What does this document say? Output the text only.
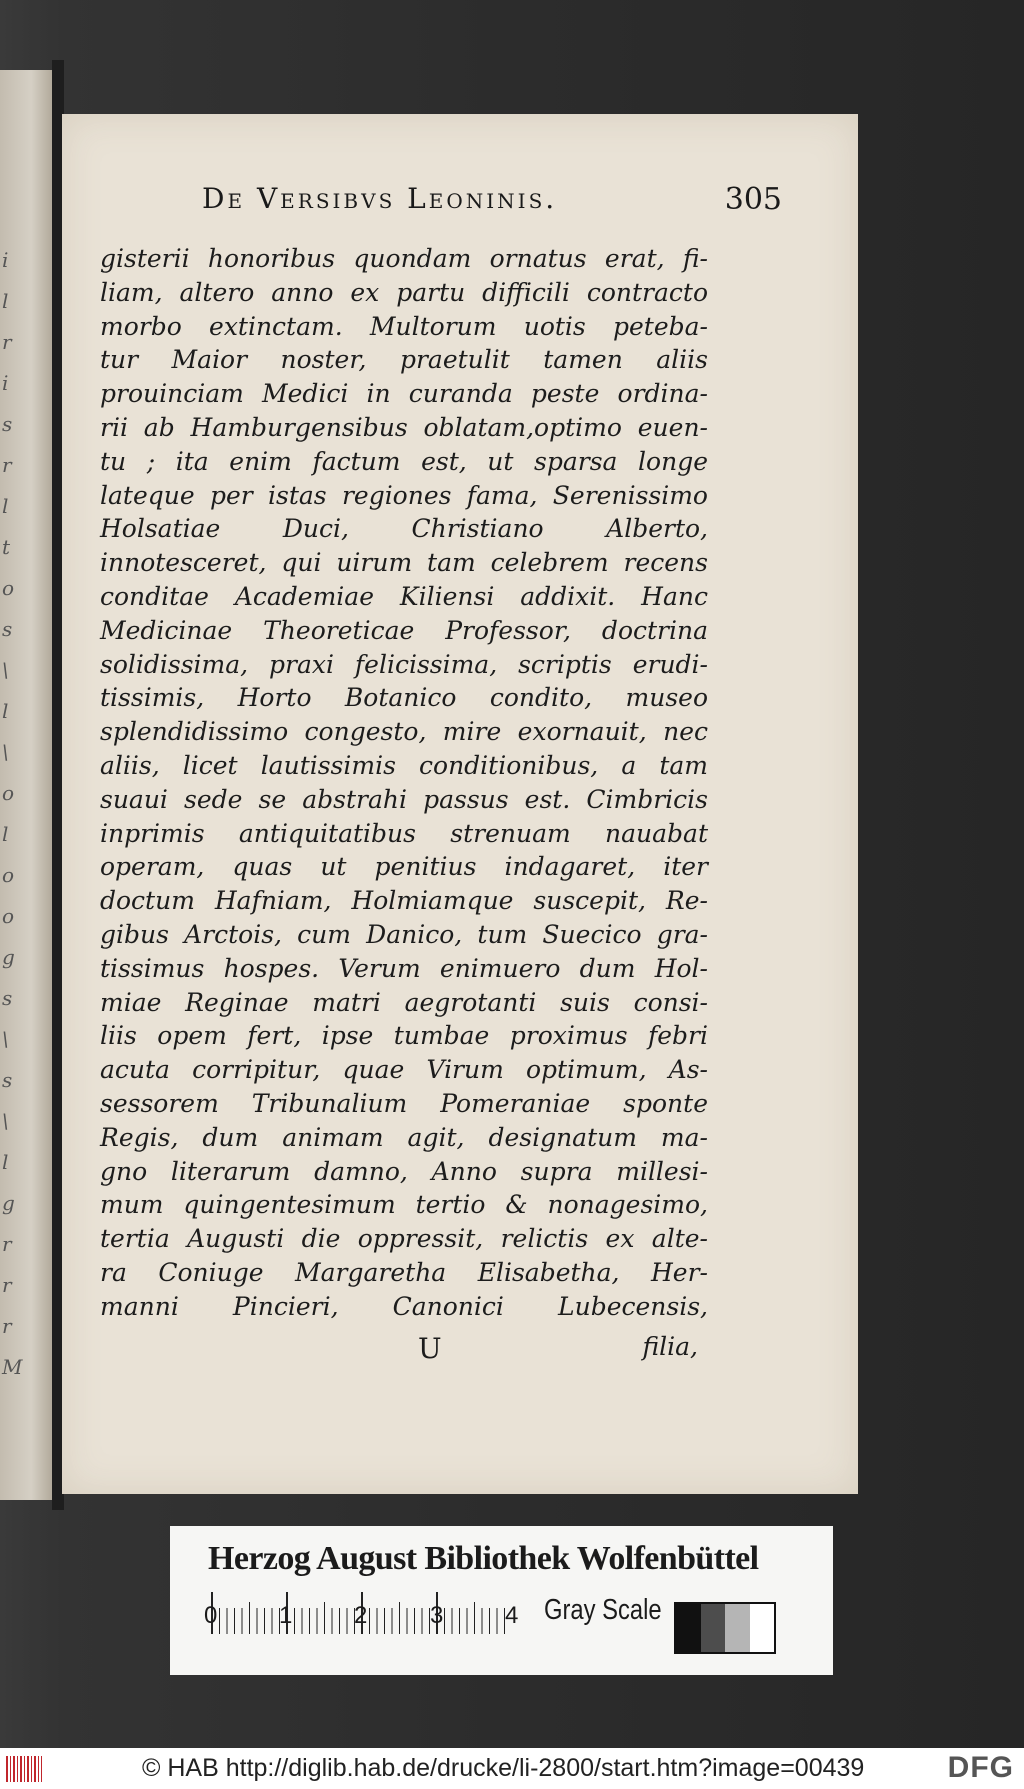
i
l
r
i
s
r
l
t
o
s
\
l
\
o
l
o
o
g
s
\
s
\
l
g
r
r
r
M
De Versibvs Leoninis.	305
gisterii honoribus quondam ornatus erat, fi-
liam, altero anno ex partu difficili contracto
morbo extinctam. Multorum uotis peteba-
tur Maior noster, praetulit tamen aliis
prouinciam Medici in curanda peste ordina-
rii ab Hamburgensibus oblatam,optimo euen-
tu ; ita enim factum est, ut sparsa longe
lateque per istas regiones fama, Serenissimo
Holsatiae Duci, Christiano Alberto,
innotesceret, qui uirum tam celebrem recens
conditae Academiae Kiliensi addixit. Hanc
Medicinae Theoreticae Professor, doctrina
solidissima, praxi felicissima, scriptis erudi-
tissimis, Horto Botanico condito, museo
splendidissimo congesto, mire exornauit, nec
aliis, licet lautissimis conditionibus, a tam
suaui sede se abstrahi passus est. Cimbricis
inprimis antiquitatibus strenuam nauabat
operam, quas ut penitius indagaret, iter
doctum Hafniam, Holmiamque suscepit, Re-
gibus Arctois, cum Danico, tum Suecico gra-
tissimus hospes. Verum enimuero dum Hol-
miae Reginae matri aegrotanti suis consi-
liis opem fert, ipse tumbae proximus febri
acuta corripitur, quae Virum optimum, As-
sessorem Tribunalium Pomeraniae sponte
Regis, dum animam agit, designatum ma-
gno literarum damno, Anno supra millesi-
mum quingentesimum tertio & nonagesimo,
tertia Augusti die oppressit, relictis ex alte-
ra Coniuge Margaretha Elisabetha, Her-
manni Pincieri, Canonici Lubecensis,
U	filia,
Herzog August Bibliothek Wolfenbüttel
0	1	2	3	4 Gray Scale
© HAB http://diglib.hab.de/drucke/li-2800/start.htm?image=00439	DFG
